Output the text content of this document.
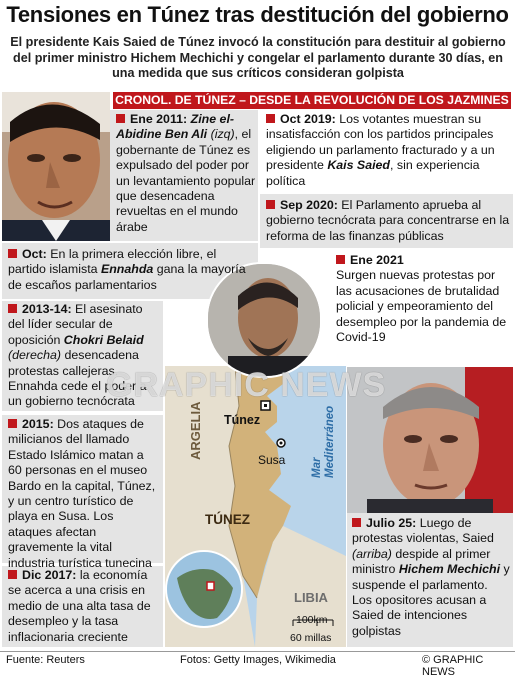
Tensiones en Túnez tras destitución del gobierno
El presidente Kais Saied de Túnez invocó la constitución para destituir al gobierno del primer ministro Hichem Mechichi y congelar el parlamento durante 30 días, en una medida que sus críticos consideran golpista
CRONOL. DE TÚNEZ – DESDE LA REVOLUCIÓN DE LOS JAZMINES
ARGELIA
TÚNEZ
LIBIA
Túnez
Susa Mar Mediterráneo
100km
60 millas
Ene 2011: Zine el-Abidine Ben Ali (izq), el gobernante de Túnez es expulsado del poder por un levantamiento popular que desencadena revueltas en el mundo árabe
Oct: En la primera elección libre, el partido islamista Ennahda gana la mayoría de escaños parlamentarios
2013-14: El asesinato del líder secular de oposición Chokri Belaid (derecha) desencadena protestas callejeras. Ennahda cede el poder a un gobierno tecnócrata
2015: Dos ataques de milicianos del llamado Estado Islámico matan a 60 personas en el museo Bardo en la capital, Túnez, y un centro turístico de playa en Susa. Los ataques afectan gravemente la vital industria turística tunecina
Dic 2017: la economía se acerca a una crisis en medio de una alta tasa de desempleo y la tasa inflacionaria creciente
Oct 2019: Los votantes muestran su insatisfacción con los partidos principales eligiendo un parlamento fracturado y a un presidente Kais Saied, sin experiencia política
Sep 2020: El Parlamento aprueba al gobierno tecnócrata para concentrarse en la reforma de las finanzas públicas
Ene 2021
Surgen nuevas protestas por las acusaciones de brutalidad policial y empeoramiento del desempleo por la pandemia de Covid-19
Julio 25: Luego de protestas violentas, Saied (arriba) despide al primer ministro Hichem Mechichi y suspende el parlamento. Los opositores acusan a Saied de intenciones golpistas
GRAPHIC NEWS
Fuente: Reuters	Fotos: Getty Images, Wikimedia	© GRAPHIC NEWS
